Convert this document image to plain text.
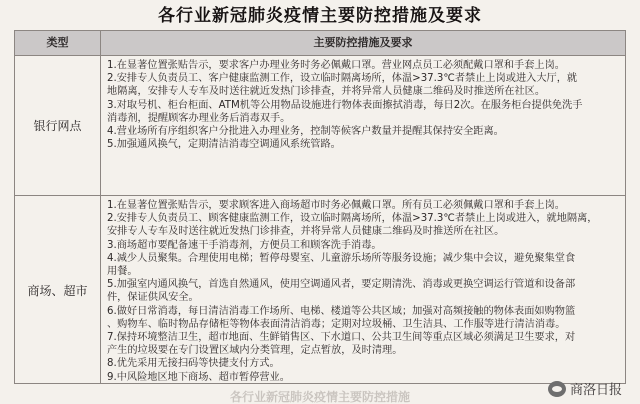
各行业新冠肺炎疫情主要防控措施及要求
类型	主要防控措施及要求
银行网点
1.在显著位置张贴告示，要求客户办理业务时务必佩戴口罩。营业网点员工必须配戴口罩和手套上岗。
2.安排专人负责员工、客户健康监测工作，设立临时隔离场所，体温>37.3℃者禁止上岗或进入大厅，就
地隔离，安排专人专车及时送往就近发热门诊排查，并将异常人员健康二维码及时推送所在社区。
3.对取号机、柜台柜面、ATM机等公用物品设施进行物体表面擦拭消毒，每日2次。在服务柜台提供免洗手
消毒剂，提醒顾客办理业务后消毒双手。
4.营业场所有序组织客户分批进入办理业务，控制等候客户数量并提醒其保持安全距离。
5.加强通风换气，定期清洁消毒空调通风系统管路。
商场、超市
1.在显著位置张贴告示，要求顾客进入商场超市时务必佩戴口罩。所有员工必须佩戴口罩和手套上岗。
2.安排专人负责员工、顾客健康监测工作，设立临时隔离场所，体温>37.3℃者禁止上岗或进入，就地隔离，
安排专人专车及时送往就近发热门诊排查，并将异常人员健康二维码及时推送所在社区。
3.商场超市要配备速干手消毒剂，方便员工和顾客洗手消毒。
4.减少人员聚集。合理使用电梯；暂停母婴室、儿童游乐场所等服务设施；减少集中会议，避免聚集堂食
用餐。
5.加强室内通风换气，首选自然通风，使用空调通风者，要定期清洗、消毒或更换空调运行管道和设备部
件，保证供风安全。
6.做好日常消毒，每日清洁消毒工作场所、电梯、楼道等公共区域；加强对高频接触的物体表面如购物篮
、购物车、临时物品存储柜等物体表面清洁消毒；定期对垃圾桶、卫生洁具、工作服等进行清洁消毒。
7.保持环境整洁卫生，超市地面、生鲜销售区、下水道口、公共卫生间等重点区域必须满足卫生要求，对
产生的垃圾要在专门设置区域内分类管理，定点暂放，及时清理。
8.优先采用无接扫码等快捷支付方式。
9.中风险地区地下商场、超市暂停营业。
商洛日报
各行业新冠肺炎疫情主要防控措施
